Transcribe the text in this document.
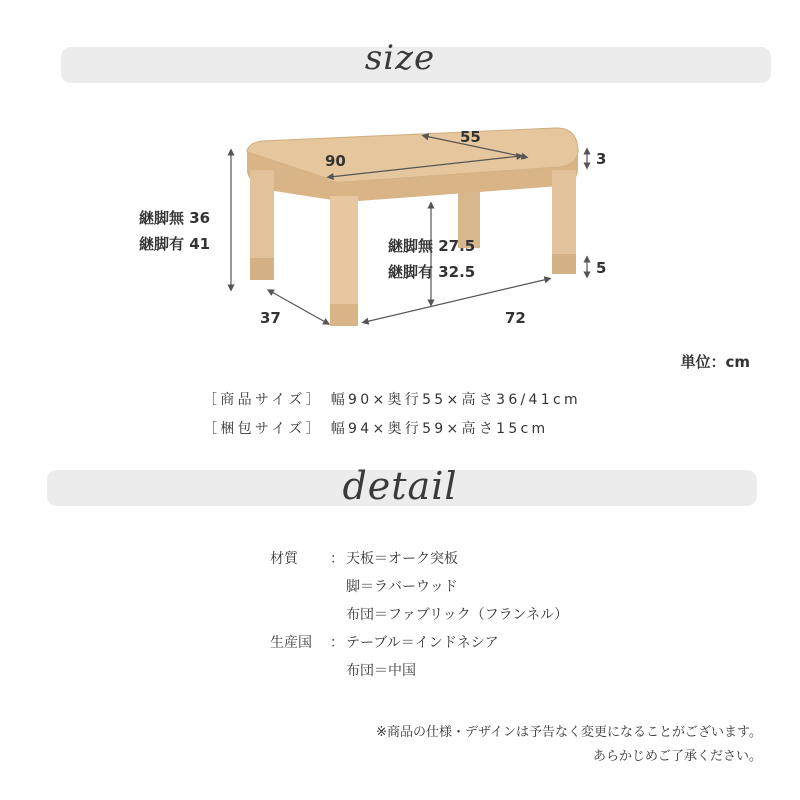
size
90
55
3
継脚無 36
継脚有 41	継脚無 27.5
継脚有 32.5	5
37	72
単位：cm
［商品サイズ］ 幅90×奥行55×高さ36/41cm
［梱包サイズ］ 幅94×奥行59×高さ15cm
detail
材質	： 天板＝オーク突板
脚＝ラバーウッド
布団＝ファブリック（フランネル）
生産国	： テーブル＝インドネシア
布団＝中国
※商品の仕様・デザインは予告なく変更になることがございます。
あらかじめご了承ください。
